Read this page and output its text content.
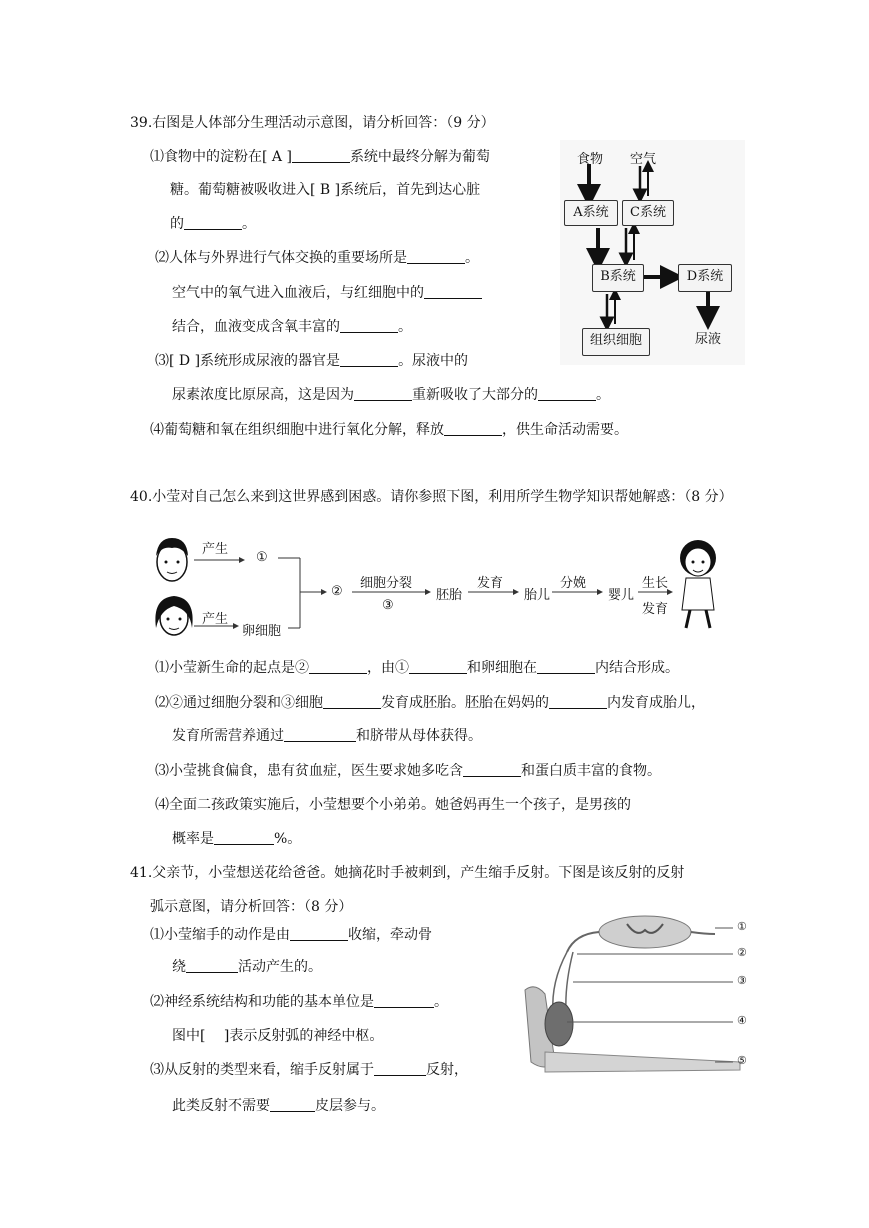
39.右图是人体部分生理活动示意图，请分析回答：（9 分）
⑴食物中的淀粉在[ A ]	系统中最终分解为葡萄
糖。葡萄糖被吸收进入[ B ]系统后，首先到达心脏
的	。
⑵人体与外界进行气体交换的重要场所是	。
空气中的氧气进入血液后，与红细胞中的
结合，血液变成含氧丰富的	。
⑶[ D ]系统形成尿液的器官是	。尿液中的
尿素浓度比原尿高，这是因为	重新吸收了大部分的	。
⑷葡萄糖和氧在组织细胞中进行氧化分解，释放	，供生命活动需要。
食物 空气
A系统	C系统
B系统	D系统
组织细胞	尿液
40.小莹对自己怎么来到这世界感到困惑。请你参照下图，利用所学生物学知识帮她解惑：（8 分）
产生
①
产生
卵细胞
②
细胞分裂
③
胚胎
发育
胎儿
分娩
婴儿
生长
发育
⑴小莹新生命的起点是②	，由①	和卵细胞在	内结合形成。
⑵②通过细胞分裂和③细胞	发育成胚胎。胚胎在妈妈的	内发育成胎儿，
发育所需营养通过	和脐带从母体获得。
⑶小莹挑食偏食，患有贫血症，医生要求她多吃含	和蛋白质丰富的食物。
⑷全面二孩政策实施后，小莹想要个小弟弟。她爸妈再生一个孩子，是男孩的
概率是	%。
41.父亲节，小莹想送花给爸爸。她摘花时手被刺到，产生缩手反射。下图是该反射的反射
弧示意图，请分析回答：（8 分）
⑴小莹缩手的动作是由	收缩，牵动骨
绕	活动产生的。
⑵神经系统结构和功能的基本单位是	。
图中[　 ]表示反射弧的神经中枢。
⑶从反射的类型来看，缩手反射属于	反射，
此类反射不需要	皮层参与。
①
②
③
④
⑤
